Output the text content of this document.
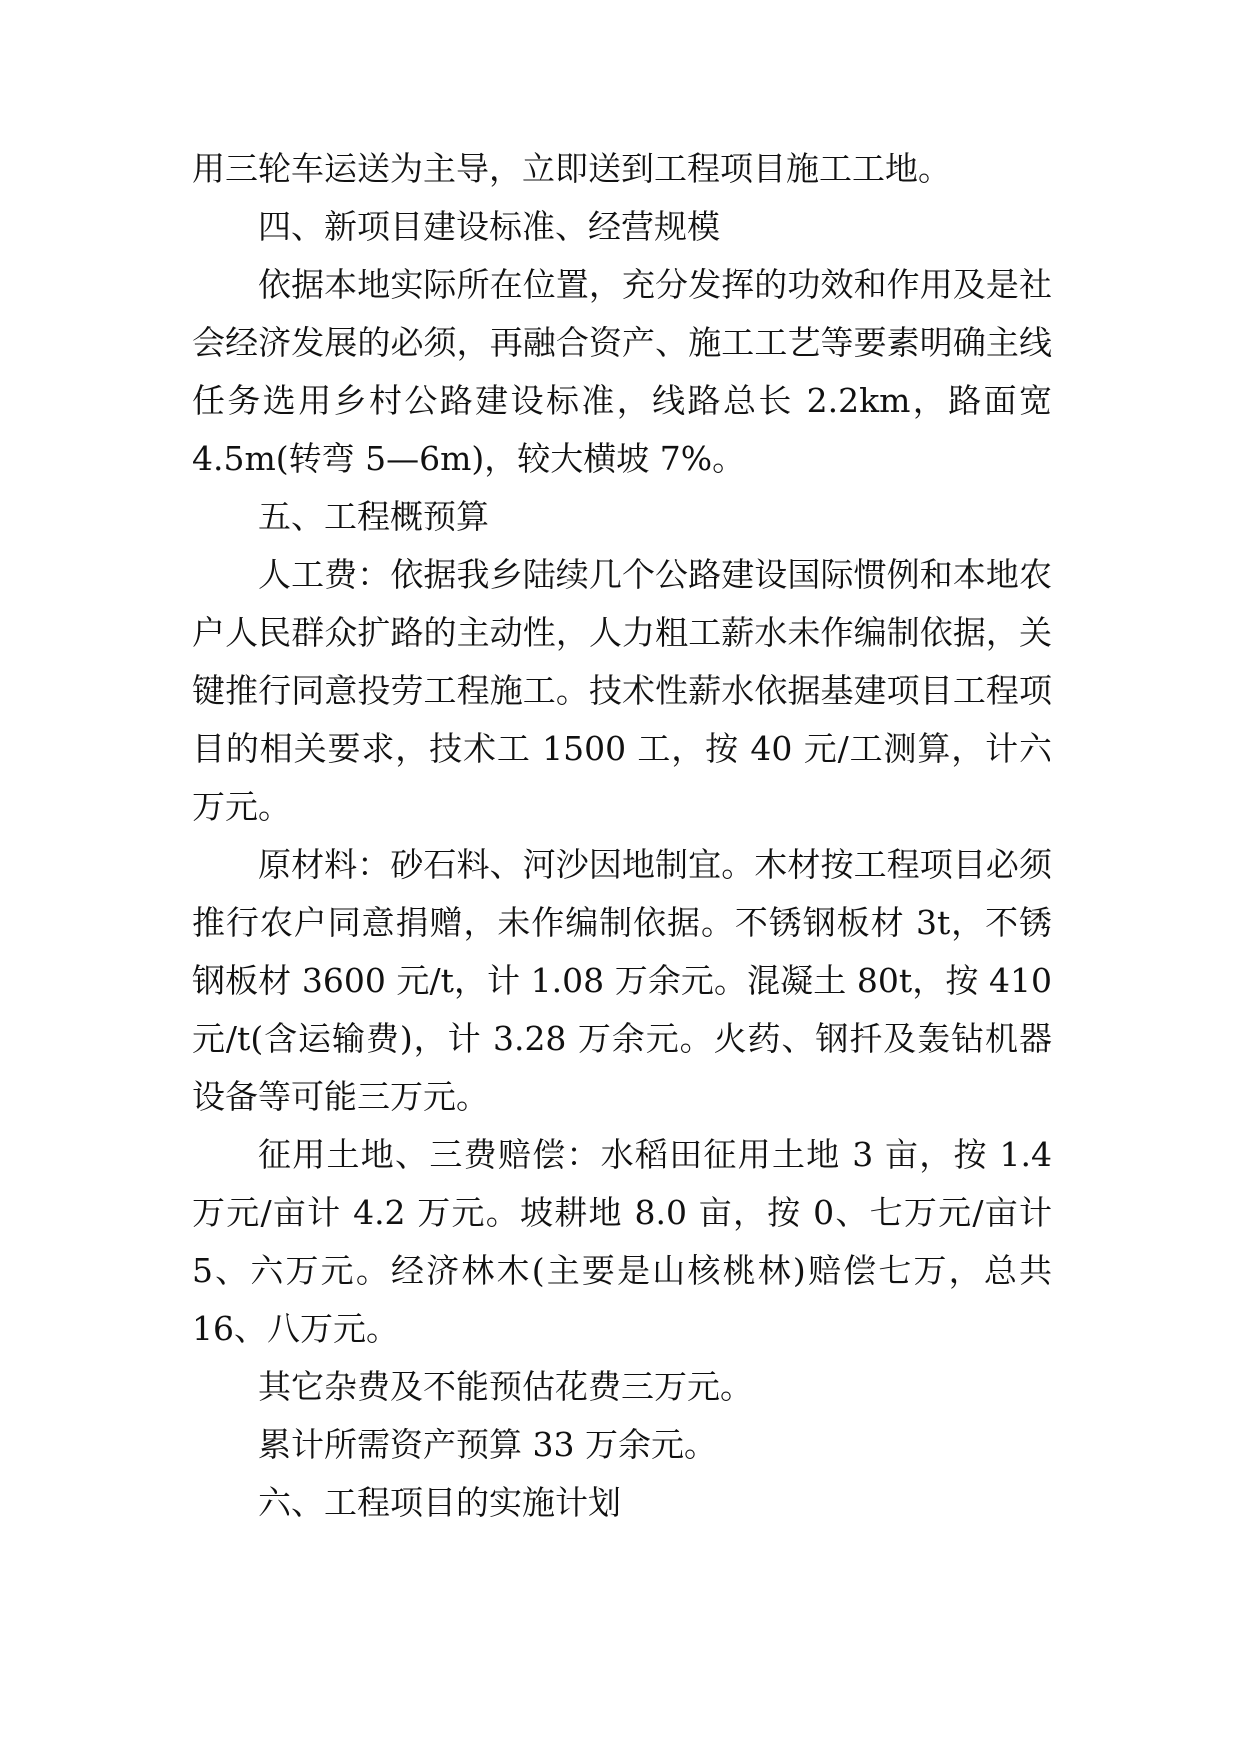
用三轮车运送为主导，立即送到工程项目施工工地。

四、新项目建设标准、经营规模

依据本地实际所在位置，充分发挥的功效和作用及是社会经济发展的必须，再融合资产、施工工艺等要素明确主线任务选用乡村公路建设标准，线路总长 2.2km，路面宽 4.5m(转弯 5—6m)，较大横坡 7%。

五、工程概预算

人工费：依据我乡陆续几个公路建设国际惯例和本地农户人民群众扩路的主动性，人力粗工薪水未作编制依据，关键推行同意投劳工程施工。技术性薪水依据基建项目工程项目的相关要求，技术工 1500 工，按 40 元/工测算，计六万元。

原材料：砂石料、河沙因地制宜。木材按工程项目必须推行农户同意捐赠，未作编制依据。不锈钢板材 3t，不锈钢板材 3600 元/t，计 1.08 万余元。混凝土 80t，按 410 元/t(含运输费)，计 3.28 万余元。火药、钢扦及轰钻机器设备等可能三万元。

征用土地、三费赔偿：水稻田征用土地 3 亩，按 1.4 万元/亩计 4.2 万元。坡耕地 8.0 亩，按 0、七万元/亩计 5、六万元。经济林木(主要是山核桃林)赔偿七万，总共 16、八万元。

其它杂费及不能预估花费三万元。

累计所需资产预算 33 万余元。

六、工程项目的实施计划
